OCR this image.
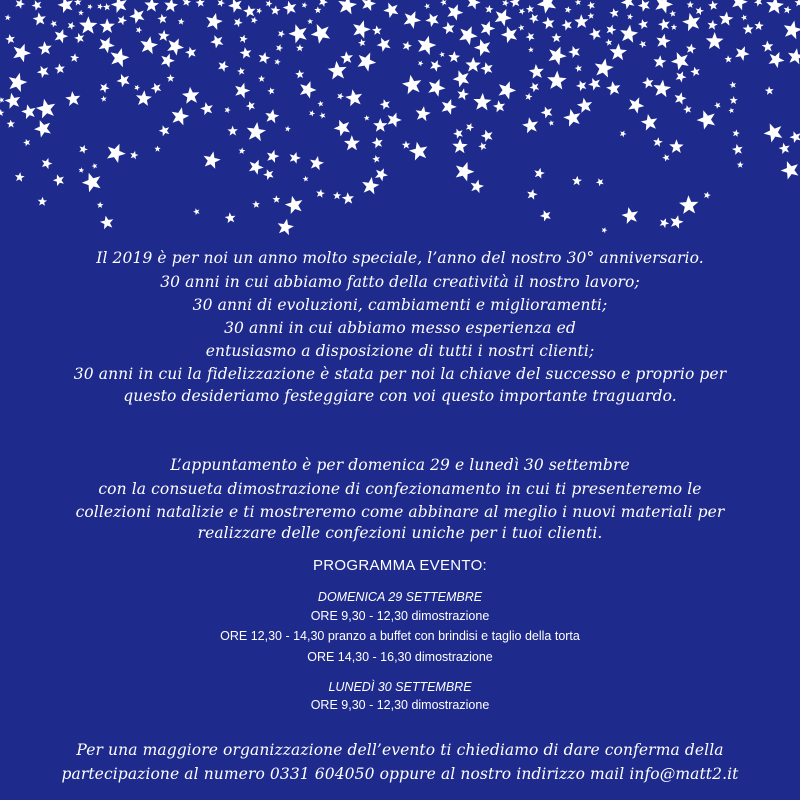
Il 2019 è per noi un anno molto speciale, l’anno del nostro 30° anniversario.
30 anni in cui abbiamo fatto della creatività il nostro lavoro;
30 anni di evoluzioni, cambiamenti e miglioramenti;
30 anni in cui abbiamo messo esperienza ed
entusiasmo a disposizione di tutti i nostri clienti;
30 anni in cui la fidelizzazione è stata per noi la chiave del successo e proprio per
questo desideriamo festeggiare con voi questo importante traguardo.
L’appuntamento è per domenica 29 e lunedì 30 settembre
con la consueta dimostrazione di confezionamento in cui ti presenteremo le
collezioni natalizie e ti mostreremo come abbinare al meglio i nuovi materiali per
realizzare delle confezioni uniche per i tuoi clienti.
PROGRAMMA EVENTO:
DOMENICA 29 SETTEMBRE
ORE 9,30 - 12,30 dimostrazione
ORE 12,30 - 14,30 pranzo a buffet con brindisi e taglio della torta
ORE 14,30 - 16,30 dimostrazione
LUNEDÌ 30 SETTEMBRE
ORE 9,30 - 12,30 dimostrazione
Per una maggiore organizzazione dell’evento ti chiediamo di dare conferma della
partecipazione al numero 0331 604050 oppure al nostro indirizzo mail info@matt2.it
